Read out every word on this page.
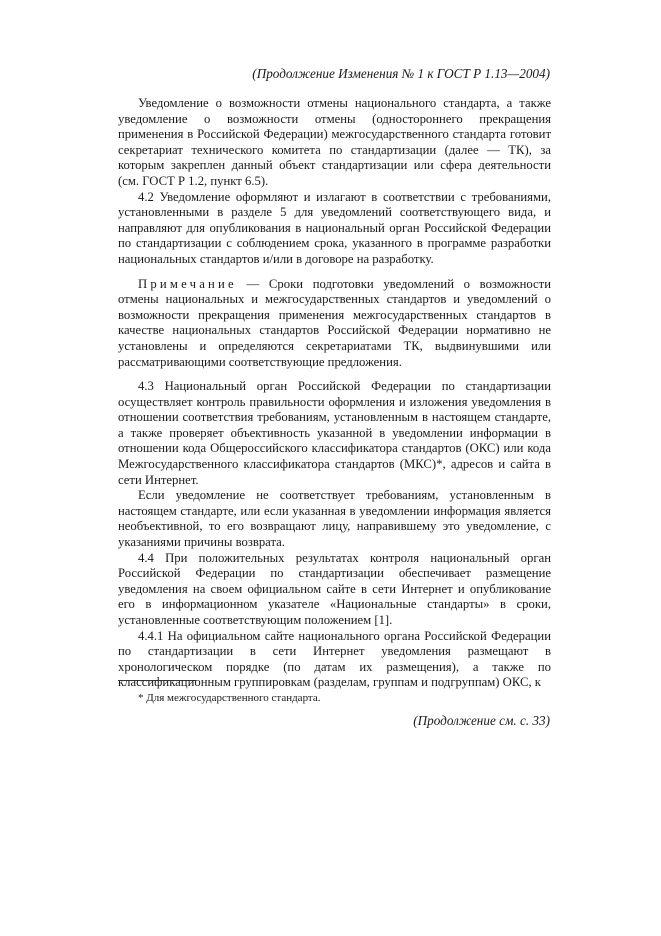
(Продолжение Изменения № 1 к ГОСТ Р 1.13—2004)

Уведомление о возможности отмены национального стандарта, а также уведомление о возможности отмены (одностороннего прекращения применения в Российской Федерации) межгосударственного стандарта готовит секретариат технического комитета по стандартизации (далее — ТК), за которым закреплен данный объект стандартизации или сфера деятельности (см. ГОСТ Р 1.2, пункт 6.5).

4.2 Уведомление оформляют и излагают в соответствии с требованиями, установленными в разделе 5 для уведомлений соответствующего вида, и направляют для опубликования в национальный орган Российской Федерации по стандартизации с соблюдением срока, указанного в программе разработки национальных стандартов и/или в договоре на разработку.

Примечание — Сроки подготовки уведомлений о возможности отмены национальных и межгосударственных стандартов и уведомлений о возможности прекращения применения межгосударственных стандартов в качестве национальных стандартов Российской Федерации нормативно не установлены и определяются секретариатами ТК, выдвинувшими или рассматривающими соответствующие предложения.

4.3 Национальный орган Российской Федерации по стандартизации осуществляет контроль правильности оформления и изложения уведомления в отношении соответствия требованиям, установленным в настоящем стандарте, а также проверяет объективность указанной в уведомлении информации в отношении кода Общероссийского классификатора стандартов (ОКС) или кода Межгосударственного классификатора стандартов (МКС)*, адресов и сайта в сети Интернет.

Если уведомление не соответствует требованиям, установленным в настоящем стандарте, или если указанная в уведомлении информация является необъективной, то его возвращают лицу, направившему это уведомление, с указаниями причины возврата.

4.4 При положительных результатах контроля национальный орган Российской Федерации по стандартизации обеспечивает размещение уведомления на своем официальном сайте в сети Интернет и опубликование его в информационном указателе «Национальные стандарты» в сроки, установленные соответствующим положением [1].

4.4.1 На официальном сайте национального органа Российской Федерации по стандартизации в сети Интернет уведомления размещают в хронологическом порядке (по датам их размещения), а также по классификационным группировкам (разделам, группам и подгруппам) ОКС, к

* Для межгосударственного стандарта.
(Продолжение см. с. 33)
